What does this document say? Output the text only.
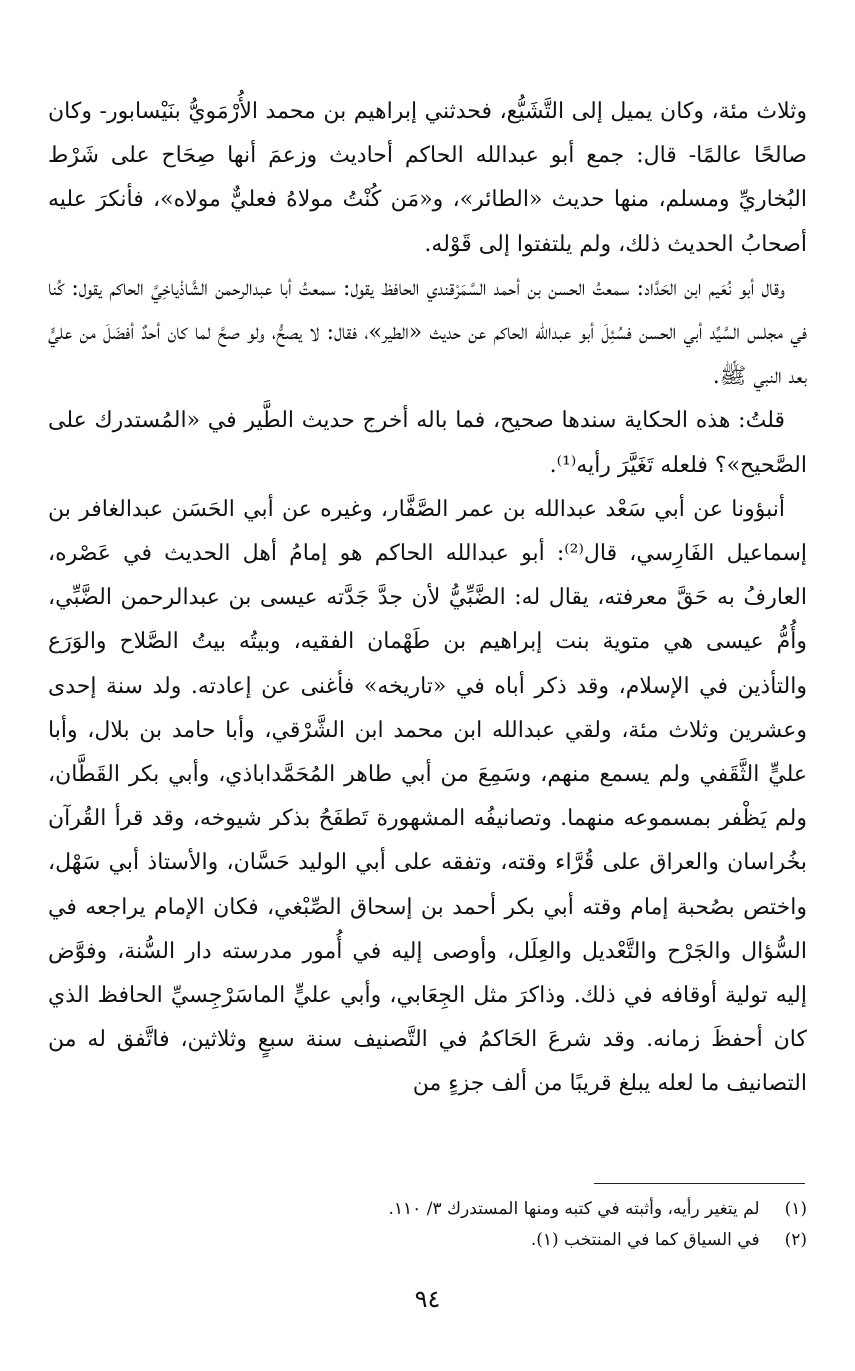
وثلاث مئة، وكان يميل إلى التَّشَيُّع، فحدثني إبراهيم بن محمد الأُرْمَويُّ بنَيْسابور- وكان صالحًا عالمًا- قال: جمع أبو عبدالله الحاكم أحاديث وزعمَ أنها صِحَاح على شَرْط البُخاريِّ ومسلم، منها حديث «الطائر»، و«مَن كُنْتُ مولاهُ فعليٌّ مولاه»، فأنكرَ عليه أصحابُ الحديث ذلك، ولم يلتفتوا إلى قَوْله.

وقال أبو نُعَيم ابن الحَدَّاد: سمعتُ الحسن بن أحمد السَّمَرْقندي الحافظ يقول: سمعتُ أبا عبدالرحمن الشَّاذْياخِيَّ الحاكم يقول: كُنا في مجلس السَّيِّد أبي الحسن فسُئِلَ أبو عبدالله الحاكم عن حديث «الطير»، فقال: لا يصحُّ، ولو صحَّ لما كان أحدٌ أفضَلَ من عليٍّ بعد النبي ﷺ.

قلتُ: هذه الحكاية سندها صحيح، فما باله أخرج حديث الطَّير في «المُستدرك على الصَّحيح»؟ فلعله تَغَيَّرَ رأيه⁽¹⁾.

أنبؤونا عن أبي سَعْد عبدالله بن عمر الصَّفَّار، وغيره عن أبي الحَسَن عبدالغافر بن إسماعيل الفَارِسي، قال⁽²⁾: أبو عبدالله الحاكم هو إمامُ أهل الحديث في عَصْره، العارفُ به حَقَّ معرفته، يقال له: الضَّبِّيُّ لأن جدَّ جَدَّته عيسى بن عبدالرحمن الضَّبِّي، وأُمُّ عيسى هي متوية بنت إبراهيم بن طَهْمان الفقيه، وبيتُه بيتُ الصَّلاح والوَرَع والتأذين في الإسلام، وقد ذكر أباه في «تاريخه» فأغنى عن إعادته. ولد سنة إحدى وعشرين وثلاث مئة، ولقي عبدالله ابن محمد ابن الشَّرْقي، وأبا حامد بن بلال، وأبا عليٍّ الثَّقَفي ولم يسمع منهم، وسَمِعَ من أبي طاهر المُحَمَّداباذي، وأبي بكر القَطَّان، ولم يَظْفر بمسموعه منهما. وتصانيفُه المشهورة تَطفَحُ بذكر شيوخه، وقد قرأ القُرآن بخُراسان والعراق على قُرَّاء وقته، وتفقه على أبي الوليد حَسَّان، والأستاذ أبي سَهْل، واختص بصُحبة إمام وقته أبي بكر أحمد بن إسحاق الصِّبْغي، فكان الإمام يراجعه في السُّؤال والجَرْح والتَّعْديل والعِلَل، وأوصى إليه في أُمور مدرسته دار السُّنة، وفوَّض إليه تولية أوقافه في ذلك. وذاكرَ مثل الجِعَابي، وأبي عليٍّ الماسَرْجِسيِّ الحافظ الذي كان أحفظَ زمانه. وقد شرعَ الحَاكمُ في التَّصنيف سنة سبعٍ وثلاثين، فاتَّفق له من التصانيف ما لعله يبلغ قريبًا من ألف جزءٍ من

(١) لم يتغير رأيه، وأثبته في كتبه ومنها المستدرك ٣/ ١١٠.
(٢) في السياق كما في المنتخب (١).
٩٤
